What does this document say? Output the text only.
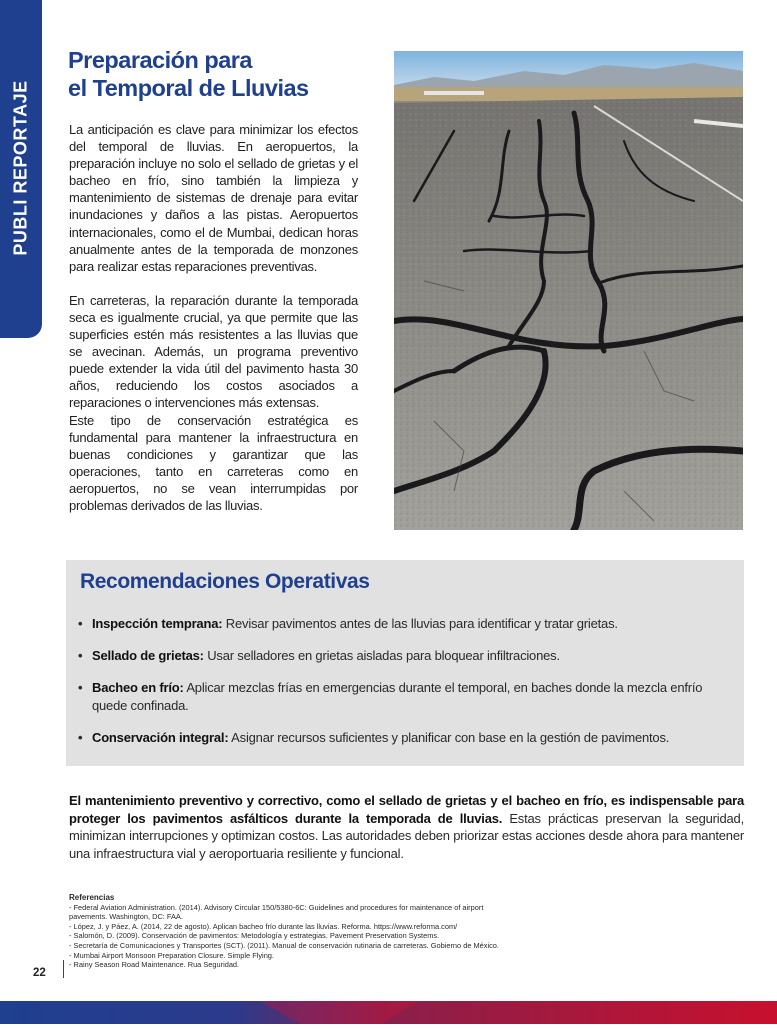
PUBLI REPORTAJE
Preparación para
el Temporal de Lluvias

La anticipación es clave para minimizar los efectos del temporal de lluvias. En aeropuertos, la preparación incluye no solo el sellado de grietas y el bacheo en frío, sino también la limpieza y mantenimiento de sistemas de drenaje para evitar inundaciones y daños a las pistas. Aeropuertos internacionales, como el de Mumbai, dedican horas anualmente antes de la temporada de monzones para realizar estas reparaciones preventivas.

En carreteras, la reparación durante la temporada seca es igualmente crucial, ya que permite que las superficies estén más resistentes a las lluvias que se avecinan. Además, un programa preventivo puede extender la vida útil del pavimento hasta 30 años, reduciendo los costos asociados a reparaciones o intervenciones más extensas.

Este tipo de conservación estratégica es fundamental para mantener la infraestructura en buenas condiciones y garantizar que las operaciones, tanto en carreteras como en aeropuertos, no se vean interrumpidas por problemas derivados de las lluvias.

Recomendaciones Operativas
• Inspección temprana: Revisar pavimentos antes de las lluvias para identificar y tratar grietas.
• Sellado de grietas: Usar selladores en grietas aisladas para bloquear infiltraciones.
• Bacheo en frío: Aplicar mezclas frías en emergencias durante el temporal, en baches donde la mezcla enfrío quede confinada.
• Conservación integral: Asignar recursos suficientes y planificar con base en la gestión de pavimentos.
El mantenimiento preventivo y correctivo, como el sellado de grietas y el bacheo en frío, es indispensable para proteger los pavimentos asfálticos durante la temporada de lluvias. Estas prácticas preservan la seguridad, minimizan interrupciones y optimizan costos. Las autoridades deben priorizar estas acciones desde ahora para mantener una infraestructura vial y aeroportuaria resiliente y funcional.
Referencias
- Federal Aviation Administration. (2014). Advisory Circular 150/5380-6C: Guidelines and procedures for maintenance of airport
pavements. Washington, DC: FAA.
- López, J. y Páez, A. (2014, 22 de agosto). Aplican bacheo frío durante las lluvias. Reforma. https://www.reforma.com/
- Salomón, D. (2009). Conservación de pavimentos: Metodología y estrategias. Pavement Preservation Systems.
- Secretaría de Comunicaciones y Transportes (SCT). (2011). Manual de conservación rutinaria de carreteras. Gobierno de México.
- Mumbai Airport Monsoon Preparation Closure. Simple Flying.
- Rainy Season Road Maintenance. Rua Seguridad.
22
